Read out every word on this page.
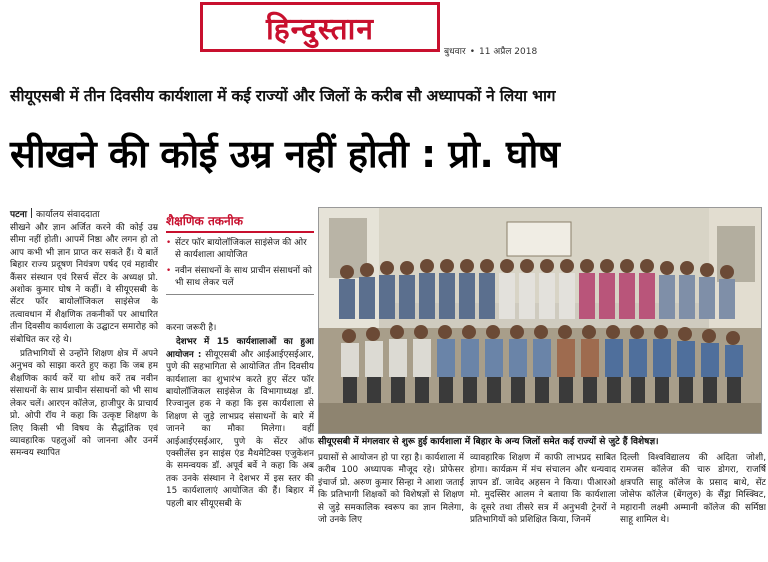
हिन्दुस्तान
बुधवार • 11 अप्रैल 2018
सीयूएसबी में तीन दिवसीय कार्यशाला में कई राज्यों और जिलों के करीब सौ अध्यापकों ने लिया भाग
सीखने की कोई उम्र नहीं होती : प्रो. घोष
पटना कार्यालय संवाददाता

सीखने और ज्ञान अर्जित करने की कोई उम्र सीमा नहीं होती। आपमें निष्ठा और लगन हो तो आप कभी भी ज्ञान प्राप्त कर सकते हैं। ये बातें बिहार राज्य प्रदूषण नियंत्रण पर्षद एवं महावीर कैंसर संस्थान एवं रिसर्च सेंटर के अध्यक्ष प्रो. अशोक कुमार घोष ने कहीं। वे सीयूएसबी के सेंटर फॉर बायोलॉजिकल साइंसेज के तत्वावधान में शैक्षणिक तकनीकों पर आधारित तीन दिवसीय कार्यशाला के उद्घाटन समारोह को संबोधित कर रहे थे।

प्रतिभागियों से उन्होंने शिक्षण क्षेत्र में अपने अनुभव को साझा करते हुए कहा कि जब हम शैक्षणिक कार्य करें या शोध करें तब नवीन संसाधनों के साथ प्राचीन संसाधनों को भी साथ लेकर चलें। आरएन कॉलेज, हाजीपुर के प्राचार्य प्रो. ओपी रॉय ने कहा कि उत्कृष्ट शिक्षण के लिए किसी भी विषय के सैद्धांतिक एवं व्यावहारिक पहलुओं को जानना और उनमें समन्वय स्थापित

शैक्षणिक तकनीक
• सेंटर फॉर बायोलॉजिकल साइंसेज की ओर से कार्यशाला आयोजित
• नवीन संसाधनों के साथ प्राचीन संसाधनों को भी साथ लेकर चलें

करना जरूरी है।

देशभर में 15 कार्यशालाओं का हुआ आयोजन : सीयूएसबी और आईआईएसईआर, पुणे की सहभागिता से आयोजित तीन दिवसीय कार्यशाला का शुभारंभ करते हुए सेंटर फॉर बायोलॉजिकल साइंसेज के विभागाध्यक्ष डॉ. रिज्वानुल हक ने कहा कि इस कार्यशाला से शिक्षण से जुड़े लाभप्रद संसाधनों के बारे में जानने का मौका मिलेगा। वहीं आईआईएसईआर, पुणे के सेंटर ऑफ एक्सीलेंस इन साइंस एंड मैथमेटिक्स एजुकेशन के समन्वयक डॉ. अपूर्व बर्वे ने कहा कि अब तक उनके संस्थान ने देशभर में इस स्तर की 15 कार्यशालाएं आयोजित की हैं। बिहार में पहली बार सीयूएसबी के

सीयूएसबी में मंगलवार से शुरू हुई कार्यशाला में बिहार के अन्य जिलों समेत कई राज्यों से जुटे हैं विशेषज्ञ।
प्रयासों से आयोजन हो पा रहा है। कार्यशाला में करीब 100 अध्यापक मौजूद रहे। प्रोफेसर इंचार्ज प्रो. अरुण कुमार सिन्हा ने आशा जताई कि प्रतिभागी शिक्षकों को विशेषज्ञों से शिक्षण से जुड़े समकालिक स्वरूप का ज्ञान मिलेगा, जो उनके लिए
व्यावहारिक शिक्षण में काफी लाभप्रद साबित होगा। कार्यक्रम में मंच संचालन और धन्यवाद ज्ञापन डॉ. जावेद अहसन ने किया। पीआरओ मो. मुदस्सिर आलम ने बताया कि कार्यशाला के दूसरे तथा तीसरे सत्र में अनुभवी ट्रेनरों ने प्रतिभागियों को प्रशिक्षित किया, जिनमें
दिल्ली विश्वविद्यालय की अदिता जोशी, रामजस कॉलेज की चारु डोगरा, राजर्षि क्षत्रपति साहू कॉलेज के प्रसाद बाथे, सेंट जोसेफ कॉलेज (बेंगलुरु) के सैंड्रा मिस्क्विट, महारानी लक्ष्मी अम्मानी कॉलेज की सर्मिष्ठा साहू शामिल थे।
